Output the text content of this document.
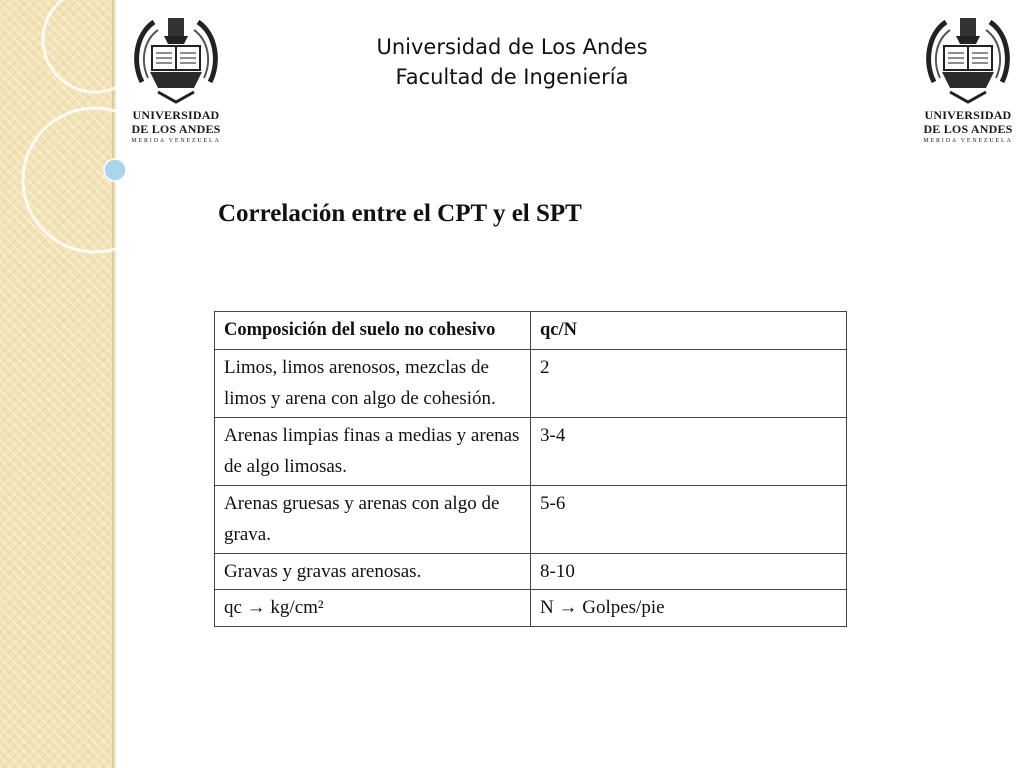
UNIVERSIDAD
DE LOS ANDES
MERIDA VENEZUELA
UNIVERSIDAD
DE LOS ANDES
MERIDA VENEZUELA
Universidad de Los Andes
Facultad de Ingeniería
Correlación entre el CPT y el SPT
Composición del suelo no cohesivo	qc/N
Limos, limos arenosos, mezclas de limos y arena con algo de cohesión.	2
Arenas limpias finas a medias y arenas de algo limosas.	3-4
Arenas gruesas y arenas con algo de grava.	5-6
Gravas y gravas arenosas.	8-10
qc → kg/cm²	N → Golpes/pie
